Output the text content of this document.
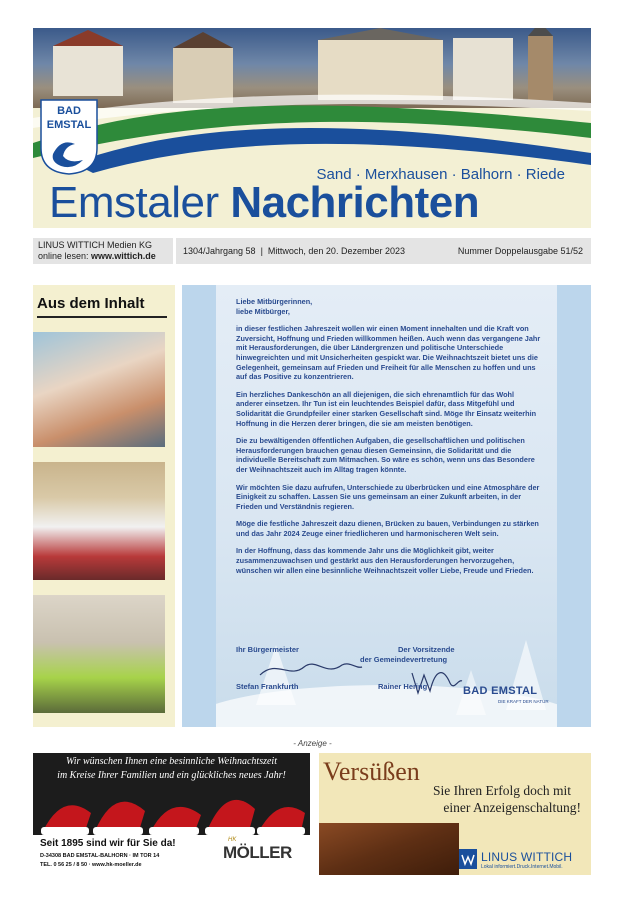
BAD
EMSTAL
Sand · Merxhausen · Balhorn · Riede
Emstaler Nachrichten
LINUS WITTICH Medien KG
online lesen: www.wittich.de	1304/Jahrgang 58  |  Mittwoch, den 20. Dezember 2023	Nummer Doppelausgabe 51/52
Aus dem Inhalt	Liebe Mitbürgerinnen,
liebe Mitbürger,

in dieser festlichen Jahreszeit wollen wir einen Moment innehalten und die Kraft von Zuversicht, Hoffnung und Frieden willkommen heißen. Auch wenn das vergangene Jahr mit Herausforderungen, die über Ländergrenzen und politische Unterschiede hinwegreichten und mit Unsicherheiten gespickt war. Die Weihnachtszeit bietet uns die Gelegenheit, gemeinsam auf Frieden und Freiheit für alle Menschen zu hoffen und uns auf das Positive zu konzentrieren.

Ein herzliches Dankeschön an all diejenigen, die sich ehrenamtlich für das Wohl anderer einsetzen. Ihr Tun ist ein leuchtendes Beispiel dafür, dass Mitgefühl und Solidarität die Grundpfeiler einer starken Gesellschaft sind. Möge Ihr Einsatz weiterhin Hoffnung in die Herzen derer bringen, die sie am meisten benötigen.

Die zu bewältigenden öffentlichen Aufgaben, die gesellschaftlichen und politischen Herausforderungen brauchen genau diesen Gemeinsinn, die Solidarität und die individuelle Bereitschaft zum Mitmachen. So wäre es schön, wenn uns das Besondere der Weihnachtszeit auch im Alltag tragen könnte.

Wir möchten Sie dazu aufrufen, Unterschiede zu überbrücken und eine Atmosphäre der Einigkeit zu schaffen. Lassen Sie uns gemeinsam an einer Zukunft arbeiten, in der Frieden und Verständnis regieren.

Möge die festliche Jahreszeit dazu dienen, Brücken zu bauen, Verbindungen zu stärken und das Jahr 2024 Zeuge einer friedlicheren und harmonischeren Welt sein.

In der Hoffnung, dass das kommende Jahr uns die Möglichkeit gibt, weiter zusammenzuwachsen und gestärkt aus den Herausforderungen hervorzugehen, wünschen wir allen eine besinnliche Weihnachtszeit voller Liebe, Freude und Frieden.

Ihr Bürgermeister
Stefan Frankfurth
Der Vorsitzende
der Gemeindevertretung
Rainer Hering	BAD EMSTAL
DIE KRAFT DER NATUR
- Anzeige -
Wir wünschen Ihnen eine besinnliche Weihnachtszeit
im Kreise Ihrer Familien und ein glückliches neues Jahr!
Seit 1895 sind wir für Sie da!
D-34308 BAD EMSTAL-BALHORN · IM TOR 14
TEL. 0 56 25 / 8 50 · www.hk-moeller.de
HK
MÖLLER
Versüßen
Sie Ihren Erfolg doch mit
einer Anzeigenschaltung!
LINUS WITTICH
Lokal informiert.Druck.Internet.Mobil.
